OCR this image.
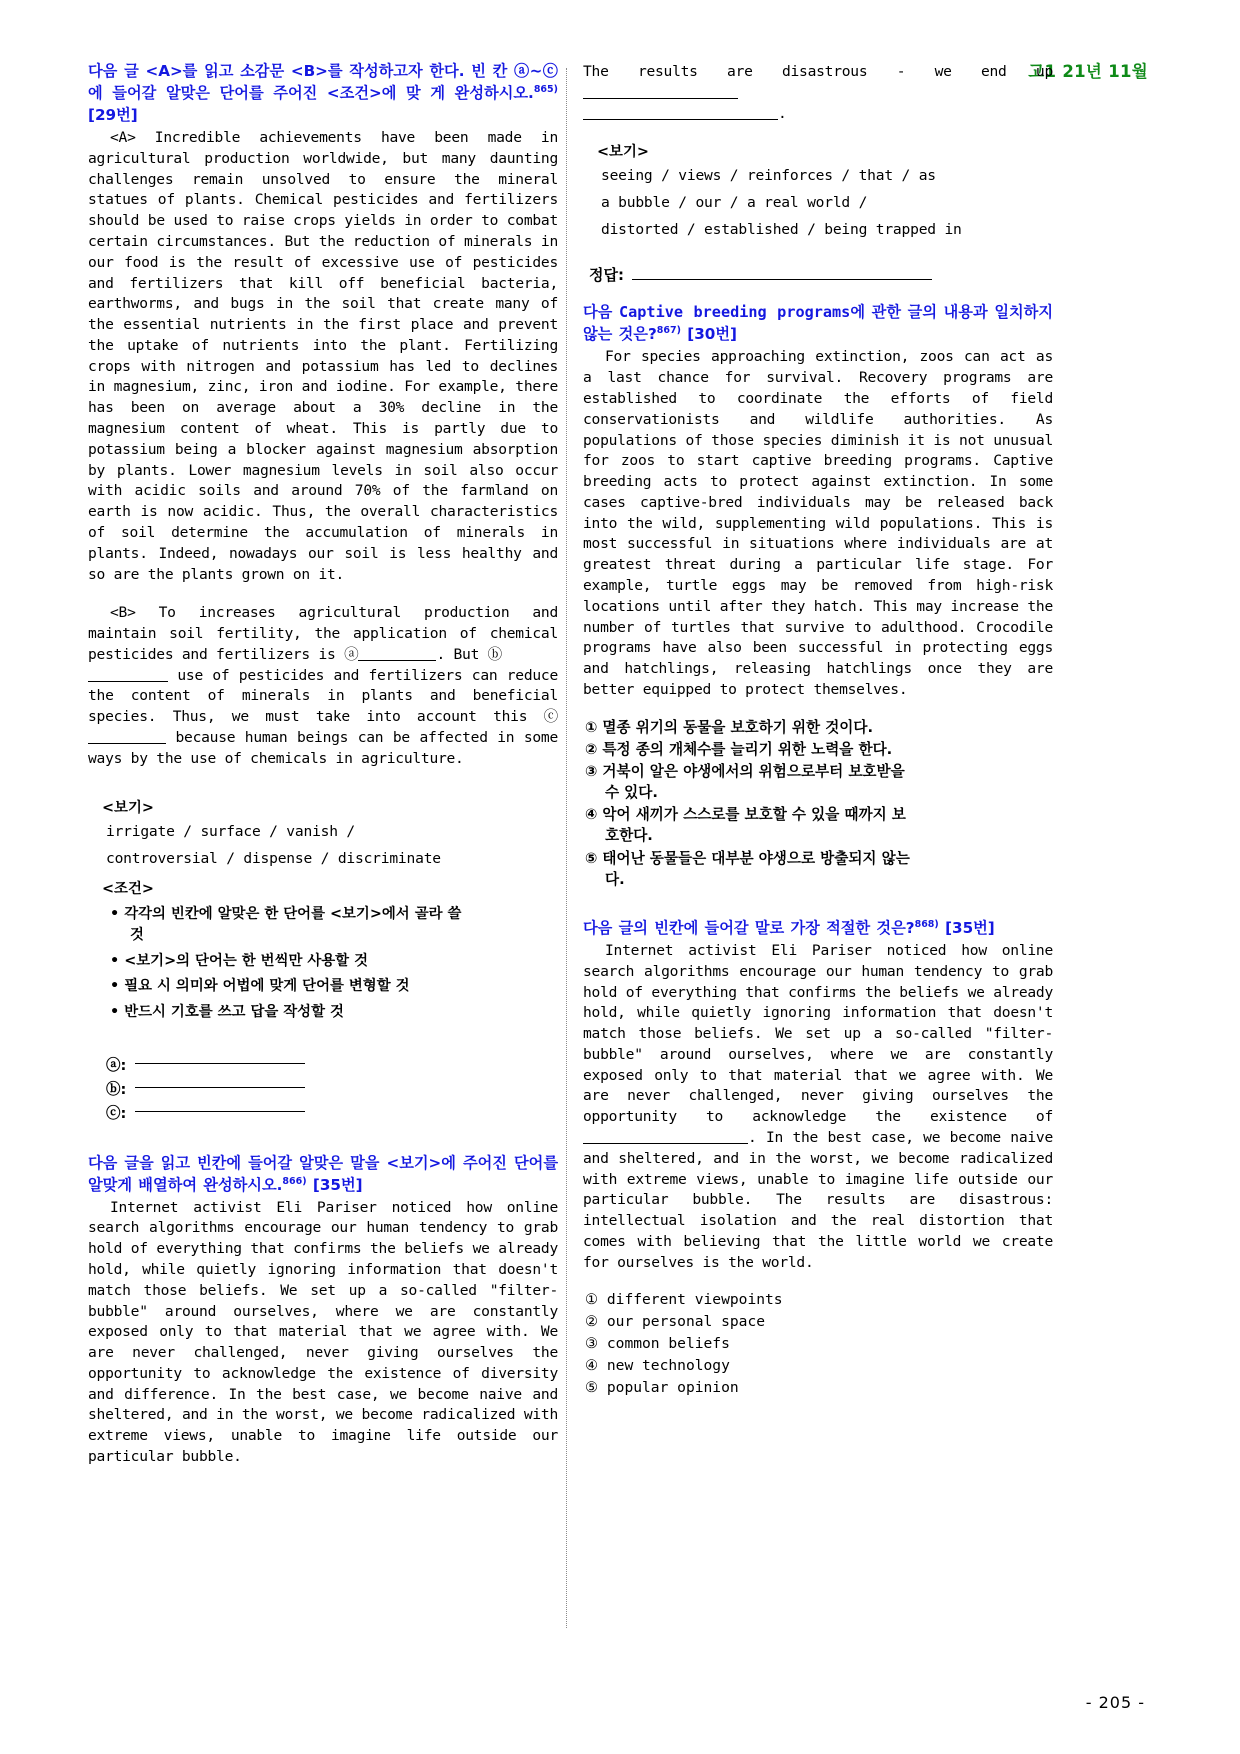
고1 21년 11월
다음 글 <A>를 읽고 소감문 <B>를 작성하고자 한다. 빈 칸 ⓐ~ⓒ에 들어갈 알맞은 단어를 주어진 <조건>에 맞 게 완성하시오.$^{865)}$ [29번]

<A> Incredible achievements have been made in agricultural production worldwide, but many daunting challenges remain unsolved to ensure the mineral statues of plants. Chemical pesticides and fertilizers should be used to raise crops yields in order to combat certain circumstances. But the reduction of minerals in our food is the result of excessive use of pesticides and fertilizers that kill off beneficial bacteria, earthworms, and bugs in the soil that create many of the essential nutrients in the first place and prevent the uptake of nutrients into the plant. Fertilizing crops with nitrogen and potassium has led to declines in magnesium, zinc, iron and iodine. For example, there has been on average about a 30% decline in the magnesium content of wheat. This is partly due to potassium being a blocker against magnesium absorption by plants. Lower magnesium levels in soil also occur with acidic soils and around 70% of the farmland on earth is now acidic. Thus, the overall characteristics of soil determine the accumulation of minerals in plants. Indeed, nowadays our soil is less healthy and so are the plants grown on it.

<B> To increases agricultural production and maintain soil fertility, the application of chemical pesticides and fertilizers is ⓐ	. But ⓑ
use of pesticides and fertilizers can reduce the content of minerals in plants and beneficial species. Thus, we must take into account this ⓒ because human beings can be affected in some ways by the use of chemicals in agriculture.

<보기>
irrigate / surface / vanish /
controversial / dispense / discriminate
<조건>
• 각각의 빈칸에 알맞은 한 단어를 <보기>에서 골라 쓸
것
• <보기>의 단어는 한 번씩만 사용할 것
• 필요 시 의미와 어법에 맞게 단어를 변형할 것
• 반드시 기호를 쓰고 답을 작성할 것
ⓐ:
ⓑ:
ⓒ:
다음 글을 읽고 빈칸에 들어갈 알맞은 말을 <보기>에 주어진 단어를 알맞게 배열하여 완성하시오.$^{866)}$ [35번]

Internet activist Eli Pariser noticed how online search algorithms encourage our human tendency to grab hold of everything that confirms the beliefs we already hold, while quietly ignoring information that doesn't match those beliefs. We set up a so-called "filter-bubble" around ourselves, where we are constantly exposed only to that material that we agree with. We are never challenged, never giving ourselves the opportunity to acknowledge the existence of diversity and difference. In the best case, we become naive and sheltered, and in the worst, we become radicalized with extreme views, unable to imagine life outside our particular bubble.

The results are disastrous - we end up
.

<보기>
seeing / views / reinforces / that / as
a bubble / our / a real world /
distorted / established / being trapped in
정답:
다음 Captive breeding programs에 관한 글의 내용과 일치하지 않는 것은?$^{867)}$ [30번]

For species approaching extinction, zoos can act as a last chance for survival. Recovery programs are established to coordinate the efforts of field conservationists and wildlife authorities. As populations of those species diminish it is not unusual for zoos to start captive breeding programs. Captive breeding acts to protect against extinction. In some cases captive-bred individuals may be released back into the wild, supplementing wild populations. This is most successful in situations where individuals are at greatest threat during a particular life stage. For example, turtle eggs may be removed from high-risk locations until after they hatch. This may increase the number of turtles that survive to adulthood. Crocodile programs have also been successful in protecting eggs and hatchlings, releasing hatchlings once they are better equipped to protect themselves.

① 멸종 위기의 동물을 보호하기 위한 것이다.
② 특정 종의 개체수를 늘리기 위한 노력을 한다.
③ 거북이 알은 야생에서의 위험으로부터 보호받을
수 있다.
④ 악어 새끼가 스스로를 보호할 수 있을 때까지 보
호한다.
⑤ 태어난 동물들은 대부분 야생으로 방출되지 않는
다.
다음 글의 빈칸에 들어갈 말로 가장 적절한 것은?$^{868)}$ [35번]

Internet activist Eli Pariser noticed how online search algorithms encourage our human tendency to grab hold of everything that confirms the beliefs we already hold, while quietly ignoring information that doesn't match those beliefs. We set up a so-called "filter-bubble" around ourselves, where we are constantly exposed only to that material that we agree with. We are never challenged, never giving ourselves the opportunity to acknowledge the existence of . In the best case, we become naive and sheltered, and in the worst, we become radicalized with extreme views, unable to imagine life outside our particular bubble. The results are disastrous: intellectual isolation and the real distortion that comes with believing that the little world we create for ourselves is the world.

① different viewpoints
② our personal space
③ common beliefs
④ new technology
⑤ popular opinion
- 205 -
